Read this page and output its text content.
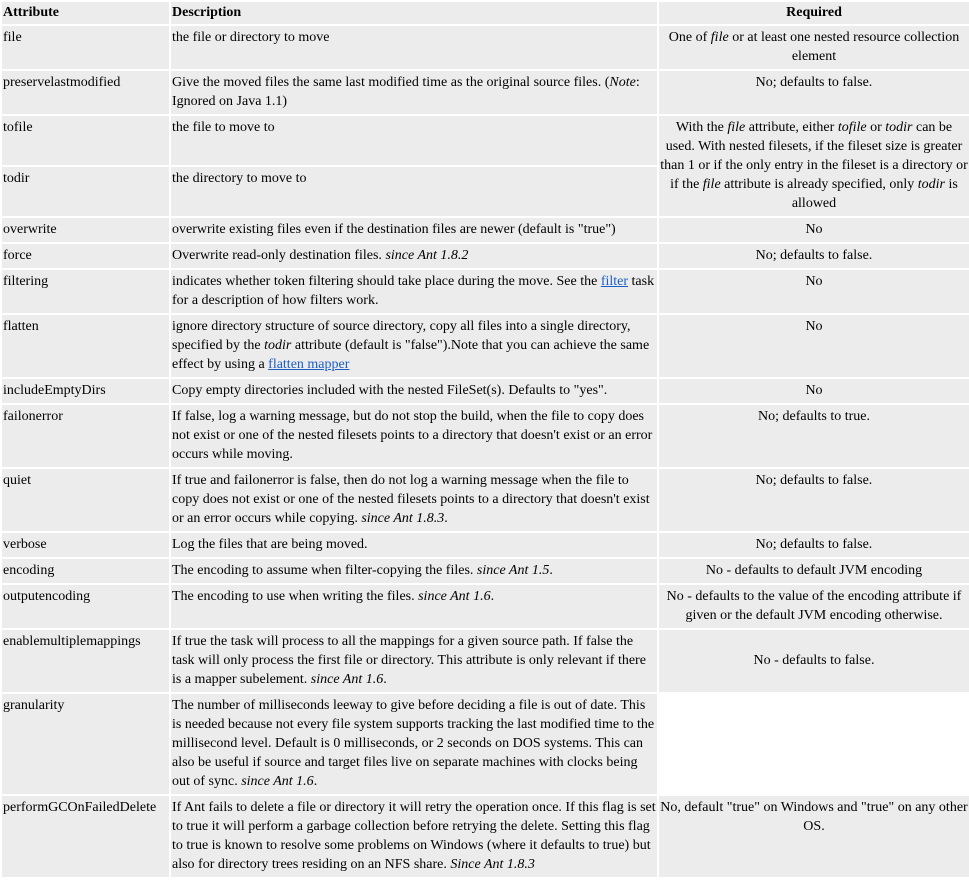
Attribute	Description	Required
file	the file or directory to move	One of file or at least one nested resource collection element
preservelastmodified	Give the moved files the same last modified time as the original source files. (Note: Ignored on Java 1.1)	No; defaults to false.
tofile	the file to move to	With the file attribute, either tofile or todir can be used. With nested filesets, if the fileset size is greater than 1 or if the only entry in the fileset is a directory or if the file attribute is already specified, only todir is allowed
todir	the directory to move to	
overwrite	overwrite existing files even if the destination files are newer (default is "true")	No
force	Overwrite read-only destination files. since Ant 1.8.2	No; defaults to false.
filtering	indicates whether token filtering should take place during the move. See the filter task for a description of how filters work.	No
flatten	ignore directory structure of source directory, copy all files into a single directory, specified by the todir attribute (default is "false").Note that you can achieve the same effect by using a flatten mapper	No
includeEmptyDirs	Copy empty directories included with the nested FileSet(s). Defaults to "yes".	No
failonerror	If false, log a warning message, but do not stop the build, when the file to copy does not exist or one of the nested filesets points to a directory that doesn't exist or an error occurs while moving.	No; defaults to true.
quiet	If true and failonerror is false, then do not log a warning message when the file to copy does not exist or one of the nested filesets points to a directory that doesn't exist or an error occurs while copying. since Ant 1.8.3.	No; defaults to false.
verbose	Log the files that are being moved.	No; defaults to false.
encoding	The encoding to assume when filter-copying the files. since Ant 1.5.	No - defaults to default JVM encoding
outputencoding	The encoding to use when writing the files. since Ant 1.6.	No - defaults to the value of the encoding attribute if given or the default JVM encoding otherwise.
enablemultiplemappings	If true the task will process to all the mappings for a given source path. If false the task will only process the first file or directory. This attribute is only relevant if there is a mapper subelement. since Ant 1.6.	No - defaults to false.
granularity	The number of milliseconds leeway to give before deciding a file is out of date. This is needed because not every file system supports tracking the last modified time to the millisecond level. Default is 0 milliseconds, or 2 seconds on DOS systems. This can also be useful if source and target files live on separate machines with clocks being out of sync. since Ant 1.6.	
performGCOnFailedDelete	If Ant fails to delete a file or directory it will retry the operation once. If this flag is set to true it will perform a garbage collection before retrying the delete. Setting this flag to true is known to resolve some problems on Windows (where it defaults to true) but also for directory trees residing on an NFS share. Since Ant 1.8.3	No, default "true" on Windows and "true" on any other OS.
